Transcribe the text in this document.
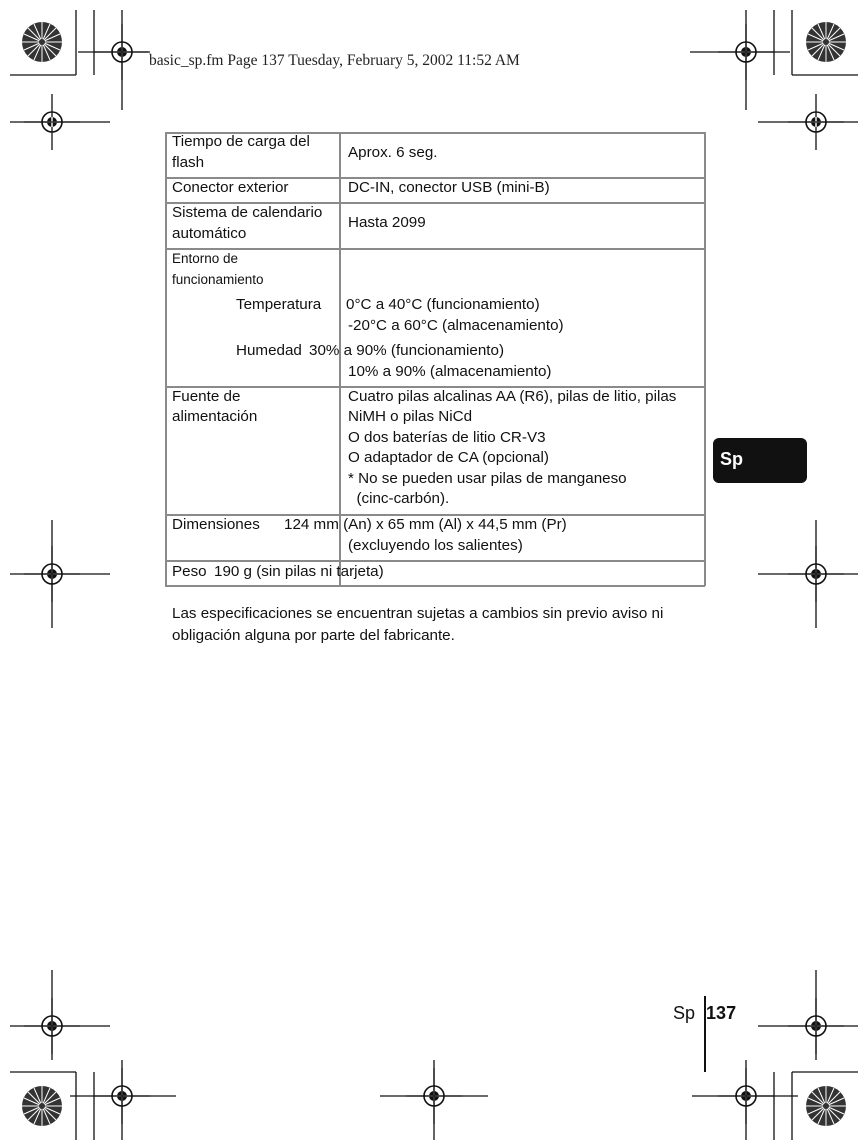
basic_sp.fm Page 137 Tuesday, February 5, 2002 11:52 AM
Tiempo de carga del
flash
Aprox. 6 seg.
Conector exterior	DC-IN, conector USB (mini-B)
Sistema de calendario
automático
Hasta 2099
Entorno de
funcionamiento
Temperatura 0°C a 40°C (funcionamiento)
-20°C a 60°C (almacenamiento)
Humedad 30% a 90% (funcionamiento)
10% a 90% (almacenamiento)
Fuente de
alimentación
Cuatro pilas alcalinas AA (R6), pilas de litio, pilas
NiMH o pilas NiCd
O dos baterías de litio CR-V3
O adaptador de CA (opcional)
* No se pueden usar pilas de manganeso
(cinc-carbón).
Dimensiones 124 mm (An) x 65 mm (Al) x 44,5 mm (Pr)
(excluyendo los salientes)
Peso 190 g (sin pilas ni tarjeta)
Las especificaciones se encuentran sujetas a cambios sin previo aviso ni obligación alguna por parte del fabricante.
Sp
Sp 137
